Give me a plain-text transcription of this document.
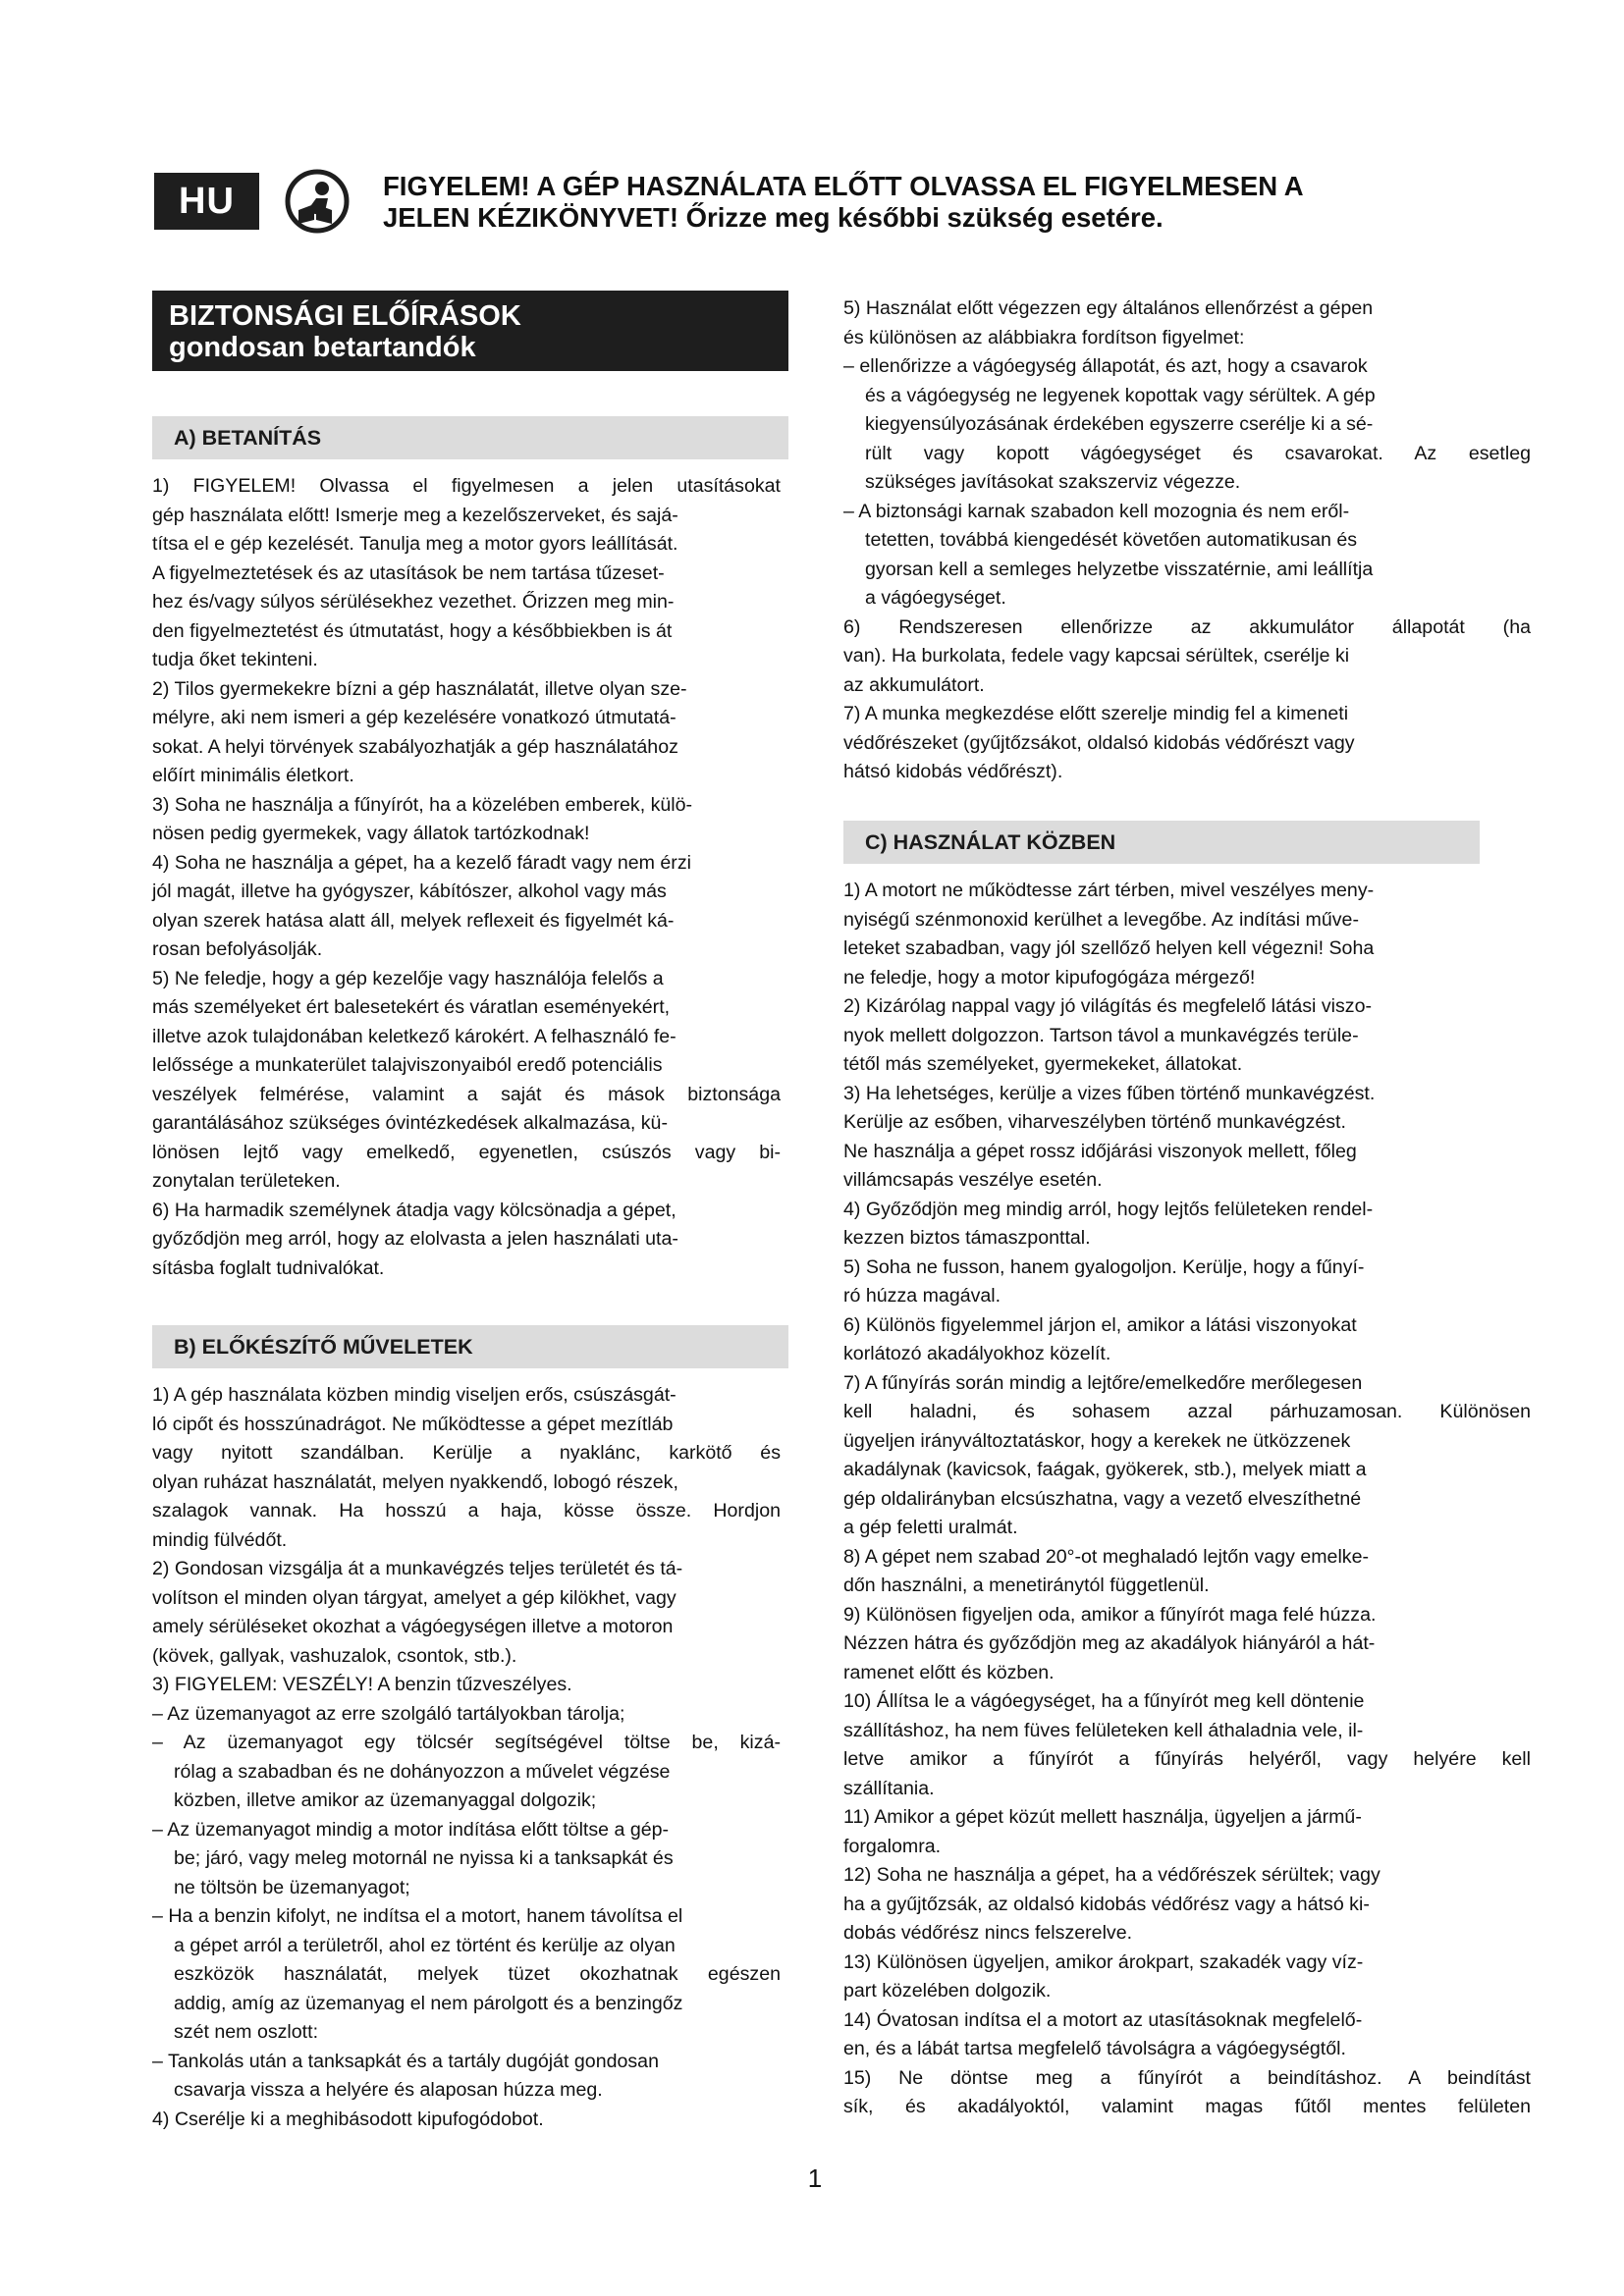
HU	FIGYELEM! A GÉP HASZNÁLATA ELŐTT OLVASSA EL FIGYELMESEN A
JELEN KÉZIKÖNYVET! Őrizze meg későbbi szükség esetére.
BIZTONSÁGI ELŐÍRÁSOK
gondosan betartandók
A) BETANÍTÁS
1) FIGYELEM! Olvassa el figyelmesen a jelen utasításokat
gép használata előtt! Ismerje meg a kezelőszerveket, és sajá-
títsa el e gép kezelését. Tanulja meg a motor gyors leállítását.
A figyelmeztetések és az utasítások be nem tartása tűzeset-
hez és/vagy súlyos sérülésekhez vezethet. Őrizzen meg min-
den figyelmeztetést és útmutatást, hogy a későbbiekben is át
tudja őket tekinteni.
2) Tilos gyermekekre bízni a gép használatát, illetve olyan sze-
mélyre, aki nem ismeri a gép kezelésére vonatkozó útmutatá-
sokat. A helyi törvények szabályozhatják a gép használatához
előírt minimális életkort.
3) Soha ne használja a fűnyírót, ha a közelében emberek, külö-
nösen pedig gyermekek, vagy állatok tartózkodnak!
4) Soha ne használja a gépet, ha a kezelő fáradt vagy nem érzi
jól magát, illetve ha gyógyszer, kábítószer, alkohol vagy más
olyan szerek hatása alatt áll, melyek reflexeit és figyelmét ká-
rosan befolyásolják.
5) Ne feledje, hogy a gép kezelője vagy használója felelős a
más személyeket ért balesetekért és váratlan eseményekért,
illetve azok tulajdonában keletkező károkért. A felhasználó fe-
lelőssége a munkaterület talajviszonyaiból eredő potenciális
veszélyek felmérése, valamint a saját és mások biztonsága
garantálásához szükséges óvintézkedések alkalmazása, kü-
lönösen lejtő vagy emelkedő, egyenetlen, csúszós vagy bi-
zonytalan területeken.
6) Ha harmadik személynek átadja vagy kölcsönadja a gépet,
győződjön meg arról, hogy az elolvasta a jelen használati uta-
sításba foglalt tudnivalókat.
B) ELŐKÉSZÍTŐ MŰVELETEK
1) A gép használata közben mindig viseljen erős, csúszásgát-
ló cipőt és hosszúnadrágot. Ne működtesse a gépet mezítláb
vagy nyitott szandálban. Kerülje a nyaklánc, karkötő és
olyan ruházat használatát, melyen nyakkendő, lobogó részek,
szalagok vannak. Ha hosszú a haja, kösse össze. Hordjon
mindig fülvédőt.
2) Gondosan vizsgálja át a munkavégzés teljes területét és tá-
volítson el minden olyan tárgyat, amelyet a gép kilökhet, vagy
amely sérüléseket okozhat a vágóegységen illetve a motoron
(kövek, gallyak, vashuzalok, csontok, stb.).
3) FIGYELEM: VESZÉLY! A benzin tűzveszélyes.
– Az üzemanyagot az erre szolgáló tartályokban tárolja;
– Az üzemanyagot egy tölcsér segítségével töltse be, kizá-
rólag a szabadban és ne dohányozzon a művelet végzése
közben, illetve amikor az üzemanyaggal dolgozik;
– Az üzemanyagot mindig a motor indítása előtt töltse a gép-
be; járó, vagy meleg motornál ne nyissa ki a tanksapkát és
ne töltsön be üzemanyagot;
– Ha a benzin kifolyt, ne indítsa el a motort, hanem távolítsa el
a gépet arról a területről, ahol ez történt és kerülje az olyan
eszközök használatát, melyek tüzet okozhatnak egészen
addig, amíg az üzemanyag el nem párolgott és a benzingőz
szét nem oszlott:
– Tankolás után a tanksapkát és a tartály dugóját gondosan
csavarja vissza a helyére és alaposan húzza meg.
4) Cserélje ki a meghibásodott kipufogódobot.
5) Használat előtt végezzen egy általános ellenőrzést a gépen
és különösen az alábbiakra fordítson figyelmet:
– ellenőrizze a vágóegység állapotát, és azt, hogy a csavarok
és a vágóegység ne legyenek kopottak vagy sérültek. A gép
kiegyensúlyozásának érdekében egyszerre cserélje ki a sé-
rült vagy kopott vágóegységet és csavarokat. Az esetleg
szükséges javításokat szakszerviz végezze.
– A biztonsági karnak szabadon kell mozognia és nem eről-
tetetten, továbbá kiengedését követően automatikusan és
gyorsan kell a semleges helyzetbe visszatérnie, ami leállítja
a vágóegységet.
6) Rendszeresen ellenőrizze az akkumulátor állapotát (ha
van). Ha burkolata, fedele vagy kapcsai sérültek, cserélje ki
az akkumulátort.
7) A munka megkezdése előtt szerelje mindig fel a kimeneti
védőrészeket (gyűjtőzsákot, oldalsó kidobás védőrészt vagy
hátsó kidobás védőrészt).
C) HASZNÁLAT KÖZBEN
1) A motort ne működtesse zárt térben, mivel veszélyes meny-
nyiségű szénmonoxid kerülhet a levegőbe. Az indítási műve-
leteket szabadban, vagy jól szellőző helyen kell végezni! Soha
ne feledje, hogy a motor kipufogógáza mérgező!
2) Kizárólag nappal vagy jó világítás és megfelelő látási viszo-
nyok mellett dolgozzon. Tartson távol a munkavégzés terüle-
tétől más személyeket, gyermekeket, állatokat.
3) Ha lehetséges, kerülje a vizes fűben történő munkavégzést.
Kerülje az esőben, viharveszélyben történő munkavégzést.
Ne használja a gépet rossz időjárási viszonyok mellett, főleg
villámcsapás veszélye esetén.
4) Győződjön meg mindig arról, hogy lejtős felületeken rendel-
kezzen biztos támaszponttal.
5) Soha ne fusson, hanem gyalogoljon. Kerülje, hogy a fűnyí-
ró húzza magával.
6) Különös figyelemmel járjon el, amikor a látási viszonyokat
korlátozó akadályokhoz közelít.
7) A fűnyírás során mindig a lejtőre/emelkedőre merőlegesen
kell haladni, és sohasem azzal párhuzamosan. Különösen
ügyeljen irányváltoztatáskor, hogy a kerekek ne ütközzenek
akadálynak (kavicsok, faágak, gyökerek, stb.), melyek miatt a
gép oldalirányban elcsúszhatna, vagy a vezető elveszíthetné
a gép feletti uralmát.
8) A gépet nem szabad 20°-ot meghaladó lejtőn vagy emelke-
dőn használni, a menetiránytól függetlenül.
9) Különösen figyeljen oda, amikor a fűnyírót maga felé húzza.
Nézzen hátra és győződjön meg az akadályok hiányáról a hát-
ramenet előtt és közben.
10) Állítsa le a vágóegységet, ha a fűnyírót meg kell döntenie
szállításhoz, ha nem füves felületeken kell áthaladnia vele, il-
letve amikor a fűnyírót a fűnyírás helyéről, vagy helyére kell
szállítania.
11) Amikor a gépet közút mellett használja, ügyeljen a jármű-
forgalomra.
12) Soha ne használja a gépet, ha a védőrészek sérültek; vagy
ha a gyűjtőzsák, az oldalsó kidobás védőrész vagy a hátsó ki-
dobás védőrész nincs felszerelve.
13) Különösen ügyeljen, amikor árokpart, szakadék vagy víz-
part közelében dolgozik.
14) Óvatosan indítsa el a motort az utasításoknak megfelelő-
en, és a lábát tartsa megfelelő távolságra a vágóegységtől.
15) Ne döntse meg a fűnyírót a beindításhoz. A beindítást
sík, és akadályoktól, valamint magas fűtől mentes felületen
1
